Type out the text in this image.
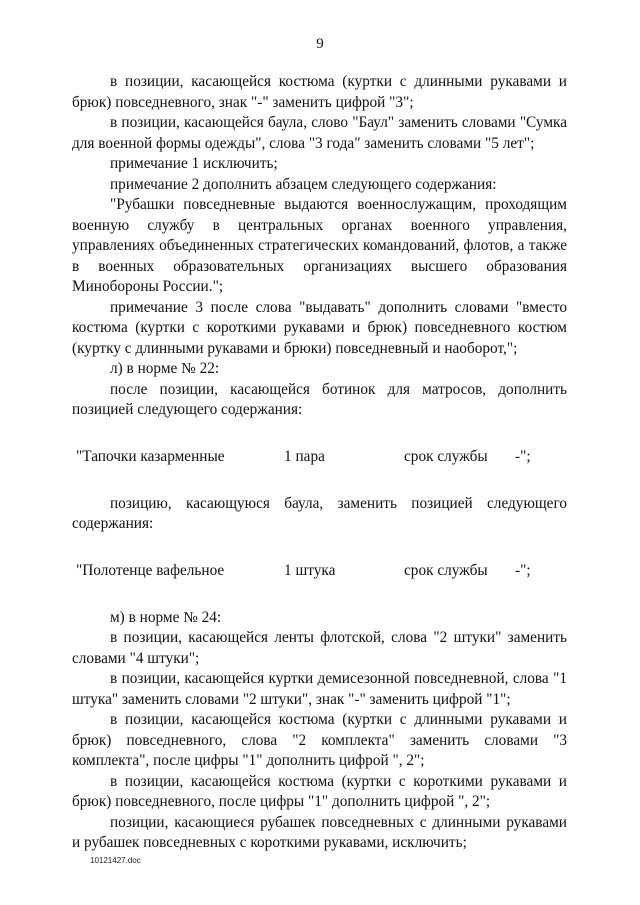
9

в позиции, касающейся костюма (куртки с длинными рукавами и брюк) повседневного, знак "-" заменить цифрой "3";

в позиции, касающейся баула, слово "Баул" заменить словами "Сумка для военной формы одежды", слова "3 года" заменить словами "5 лет";

примечание 1 исключить;

примечание 2 дополнить абзацем следующего содержания:

"Рубашки повседневные выдаются военнослужащим, проходящим военную службу в центральных органах военного управления, управлениях объединенных стратегических командований, флотов, а также в военных образовательных организациях высшего образования Минобороны России.";

примечание 3 после слова "выдавать" дополнить словами "вместо костюма (куртки с короткими рукавами и брюк) повседневного костюм (куртку с длинными рукавами и брюки) повседневный и наоборот,";

л) в норме № 22:

после позиции, касающейся ботинок для матросов, дополнить позицией следующего содержания:

"Тапочки казарменные	1 пара	срок службы -";

позицию, касающуюся баула, заменить позицией следующего содержания:

"Полотенце вафельное	1 штука	срок службы -";

м) в норме № 24:

в позиции, касающейся ленты флотской, слова "2 штуки" заменить словами "4 штуки";

в позиции, касающейся куртки демисезонной повседневной, слова "1 штука" заменить словами "2 штуки", знак "-" заменить цифрой "1";

в позиции, касающейся костюма (куртки с длинными рукавами и брюк) повседневного, слова "2 комплекта" заменить словами "3 комплекта", после цифры "1" дополнить цифрой ", 2";

в позиции, касающейся костюма (куртки с короткими рукавами и брюк) повседневного, после цифры "1" дополнить цифрой ", 2";

позиции, касающиеся рубашек повседневных с длинными рукавами и рубашек повседневных с короткими рукавами, исключить;

10121427.doc
